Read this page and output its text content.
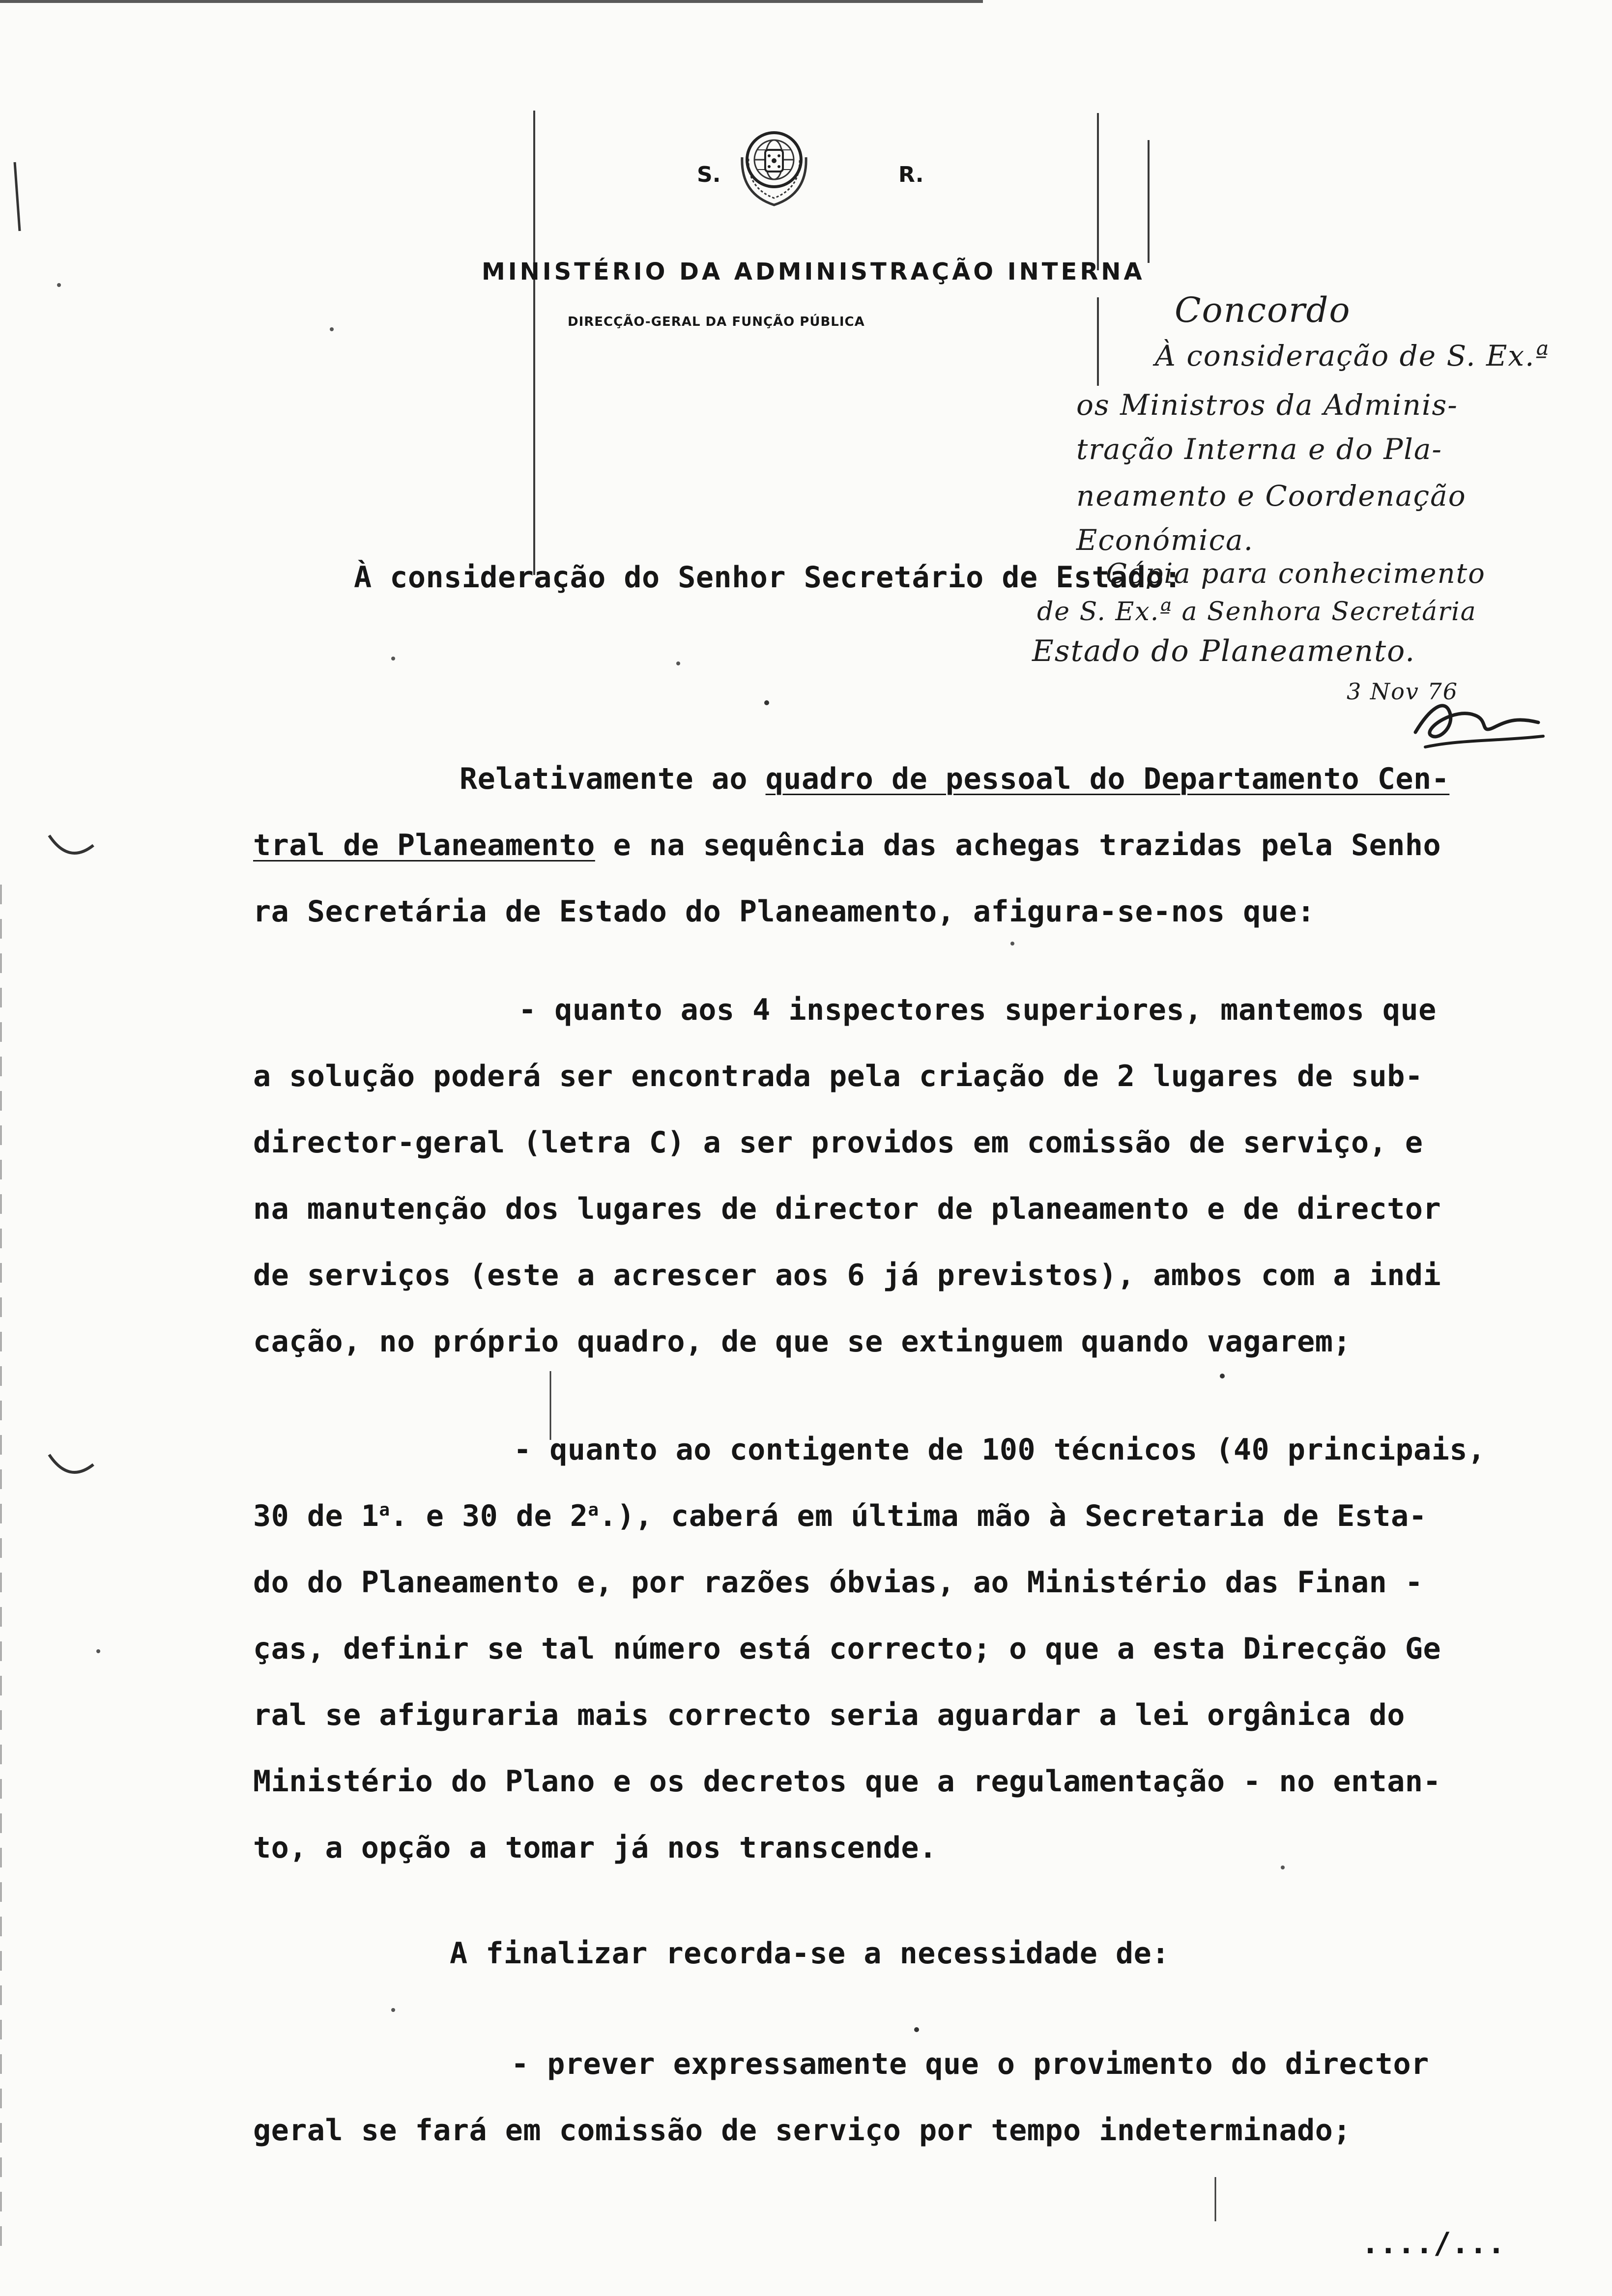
S.	R.
MINISTÉRIO DA ADMINISTRAÇÃO INTERNA
DIRECÇÃO-GERAL DA FUNÇÃO PÚBLICA	Concordo
À consideração de S. Ex.ª
os Ministros da Adminis-
tração Interna e do Pla-
neamento e Coordenação
Económica.
Cópia para conhecimento
de S. Ex.ª a Senhora Secretária
Estado do Planeamento.
3 Nov 76
À consideração do Senhor Secretário de Estado:
Relativamente ao quadro de pessoal do Departamento Cen-
tral de Planeamento e na sequência das achegas trazidas pela Senho
ra Secretária de Estado do Planeamento, afigura-se-nos que:
- quanto aos 4 inspectores superiores, mantemos que
a solução poderá ser encontrada pela criação de 2 lugares de sub-
director-geral (letra C) a ser providos em comissão de serviço, e
na manutenção dos lugares de director de planeamento e de director
de serviços (este a acrescer aos 6 já previstos), ambos com a indi
cação, no próprio quadro, de que se extinguem quando vagarem;
- quanto ao contigente de 100 técnicos (40 principais,
30 de 1$^a$. e 30 de 2$^a$.), caberá em última mão à Secretaria de Esta-
do do Planeamento e, por razões óbvias, ao Ministério das Finan -
ças, definir se tal número está correcto; o que a esta Direcção Ge
ral se afiguraria mais correcto seria aguardar a lei orgânica do
Ministério do Plano e os decretos que a regulamentação - no entan-
to, a opção a tomar já nos transcende.
A finalizar recorda-se a necessidade de:
- prever expressamente que o provimento do director
geral se fará em comissão de serviço por tempo indeterminado;
..../...
